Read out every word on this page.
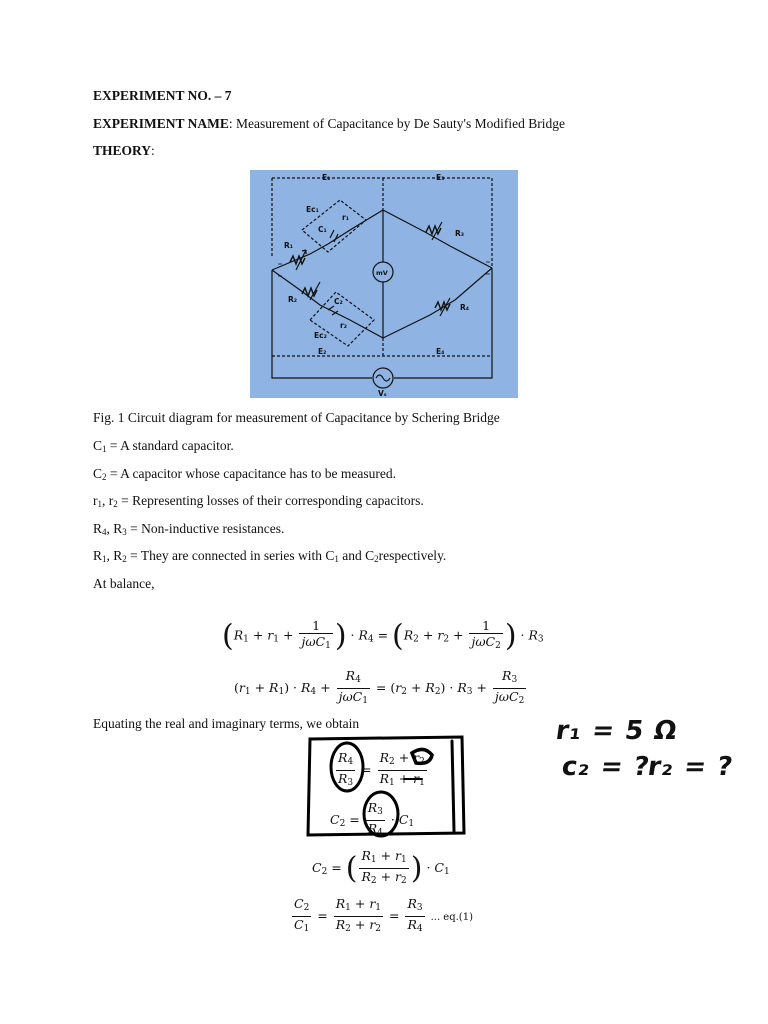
EXPERIMENT NO. – 7
EXPERIMENT NAME: Measurement of Capacitance by De Sauty's Modified Bridge
THEORY:
E₁	E₃
Ec₁
r₁
C₁
R₁
R₃
mV
R₂	C₂
r₂
Ec₂
R₄
E₂	E₄
Vₛ
Fig. 1 Circuit diagram for measurement of Capacitance by Schering Bridge
$C_1 = A$ standard capacitor.
$C_2 = A$ capacitor whose capacitance has to be measured.
$r_1$, $r_2$ = Representing losses of their corresponding capacitors.
$R_4$, $R_3$ = Non-inductive resistances.
$R_1$, $R_2$ = They are connected in series with $C_1$ and $C_2respectively$.
At balance,
($R_1 + r_1 + \frac{1}{j\omega C_1}$ ) · $R_4 = (R_2 + r_2 + \frac{1}{j\omega C_2}$ ) · $R_3$
$(r_1 + R_1) \cdot R_4 + \frac{R_4}{j\omega C_1} = (r_2 + R_2) \cdot R_3 + \frac{R_3}{j\omega C_2}$
Equating the real and imaginary terms, we obtain
$\frac{R_4}{R_3} = \frac{R_2 + r_2}{R_1 + r_1}$
$C_2 = \frac{R_3}{R_4} \cdot C_1$
$C_2$ = ( $\frac{R_1 + r_1}{R_2 + r_2}$ ) · $C_1$
$\frac{C_2}{C_1} = \frac{R_1 + r_1}{R_2 + r_2} = \frac{R_3}{R_4}$ ... eq.(1)
r₁ = 5 Ω
c₂ = ?
r₂ = ?
